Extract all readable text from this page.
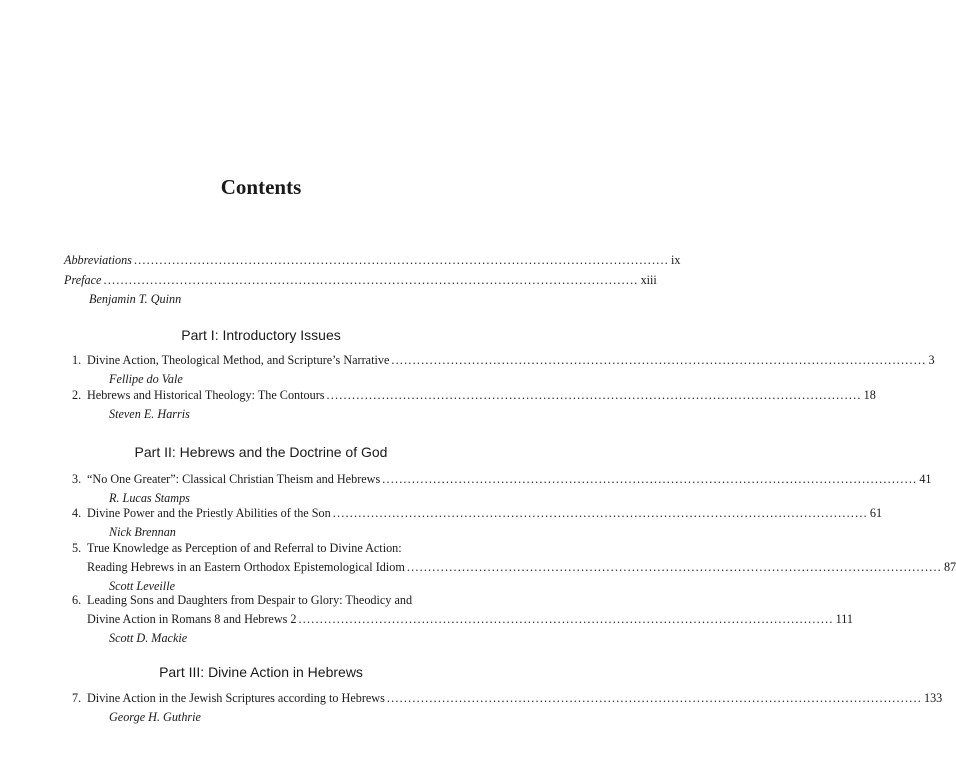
Contents
Abbreviations .............................................................................................................................. ix
Preface .............................................................................................................................. xiii
Benjamin T. Quinn
Part I: Introductory Issues
1. Divine Action, Theological Method, and Scripture’s Narrative .............................................................................................................................. 3
Fellipe do Vale
2. Hebrews and Historical Theology: The Contours .............................................................................................................................. 18
Steven E. Harris
Part II: Hebrews and the Doctrine of God
3. “No One Greater”: Classical Christian Theism and Hebrews .............................................................................................................................. 41
R. Lucas Stamps
4. Divine Power and the Priestly Abilities of the Son .............................................................................................................................. 61
Nick Brennan
5. True Knowledge as Perception of and Referral to Divine Action:
Reading Hebrews in an Eastern Orthodox Epistemological Idiom .............................................................................................................................. 87
Scott Leveille
6. Leading Sons and Daughters from Despair to Glory: Theodicy and
Divine Action in Romans 8 and Hebrews 2 .............................................................................................................................. 111
Scott D. Mackie
Part III: Divine Action in Hebrews
7. Divine Action in the Jewish Scriptures according to Hebrews .............................................................................................................................. 133
George H. Guthrie
